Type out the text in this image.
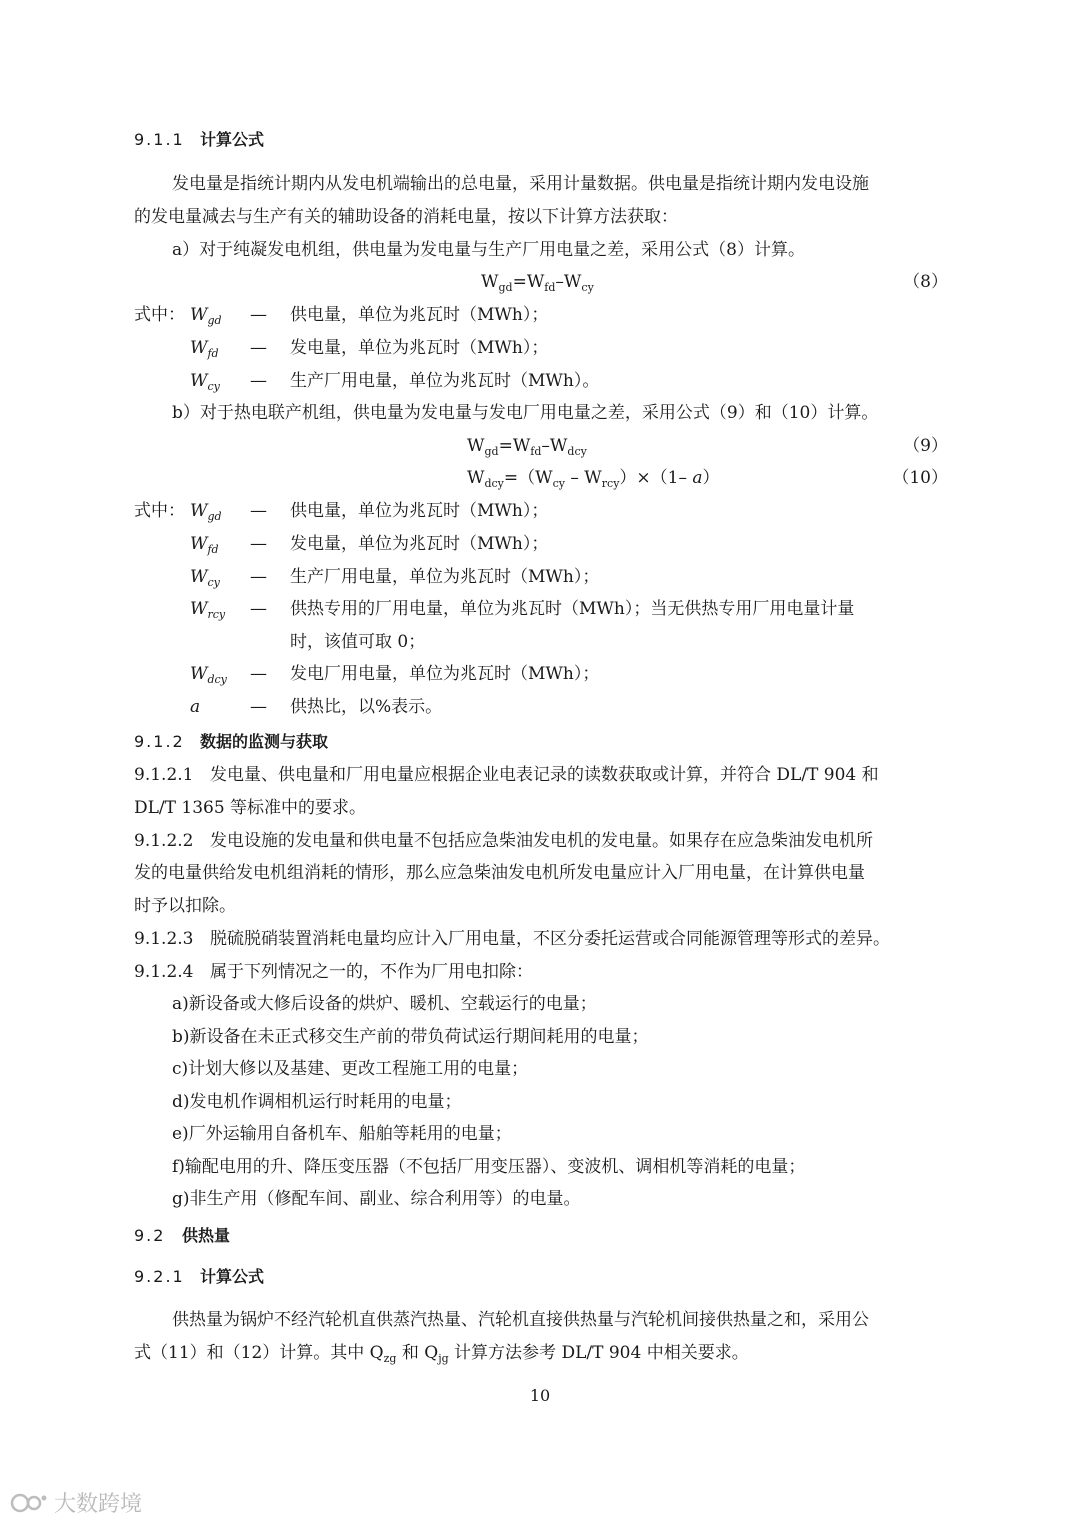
9.1.1 计算公式
发电量是指统计期内从发电机端输出的总电量，采用计量数据。供电量是指统计期内发电设施
的发电量减去与生产有关的辅助设备的消耗电量，按以下计算方法获取：
a）对于纯凝发电机组，供电量为发电量与生产厂用电量之差，采用公式（8）计算。
$W_{gd}=W_{fd}-W_{cy}$	（8）
式中： $W_{gd}$ — 供电量，单位为兆瓦时（MWh）；
$W_{fd}$ — 发电量，单位为兆瓦时（MWh）；
$W_{cy}$ — 生产厂用电量，单位为兆瓦时（MWh）。
b）对于热电联产机组，供电量为发电量与发电厂用电量之差，采用公式（9）和（10）计算。
$W_{gd}=W_{fd}-W_{dcy}$	（9）
$W_{dcy}=(W_{cy} - W_{rcy})\times(1-$ a）	（10）
式中： $W_{gd}$ — 供电量，单位为兆瓦时（MWh）；
$W_{fd}$ — 发电量，单位为兆瓦时（MWh）；
$W_{cy}$ — 生产厂用电量，单位为兆瓦时（MWh）；
$W_{rcy}$ — 供热专用的厂用电量，单位为兆瓦时（MWh）；当无供热专用厂用电量计量
时，该值可取 0；
$W_{dcy}$ — 发电厂用电量，单位为兆瓦时（MWh）；
a	— 供热比，以%表示。
9.1.2 数据的监测与获取
9.1.2.1 发电量、供电量和厂用电量应根据企业电表记录的读数获取或计算，并符合 DL/T 904 和
DL/T 1365 等标准中的要求。
9.1.2.2 发电设施的发电量和供电量不包括应急柴油发电机的发电量。如果存在应急柴油发电机所
发的电量供给发电机组消耗的情形，那么应急柴油发电机所发电量应计入厂用电量，在计算供电量
时予以扣除。
9.1.2.3 脱硫脱硝装置消耗电量均应计入厂用电量，不区分委托运营或合同能源管理等形式的差异。
9.1.2.4 属于下列情况之一的，不作为厂用电扣除：
a)新设备或大修后设备的烘炉、暖机、空载运行的电量；
b)新设备在未正式移交生产前的带负荷试运行期间耗用的电量；
c)计划大修以及基建、更改工程施工用的电量；
d)发电机作调相机运行时耗用的电量；
e)厂外运输用自备机车、船舶等耗用的电量；
f)输配电用的升、降压变压器（不包括厂用变压器）、变波机、调相机等消耗的电量；
g)非生产用（修配车间、副业、综合利用等）的电量。
9.2 供热量
9.2.1 计算公式
供热量为锅炉不经汽轮机直供蒸汽热量、汽轮机直接供热量与汽轮机间接供热量之和，采用公
式（11）和（12）计算。其中 $Q_{zg}$ 和 $Q_{jg}$ 计算方法参考 DL/T 904 中相关要求。
10
大数跨境
